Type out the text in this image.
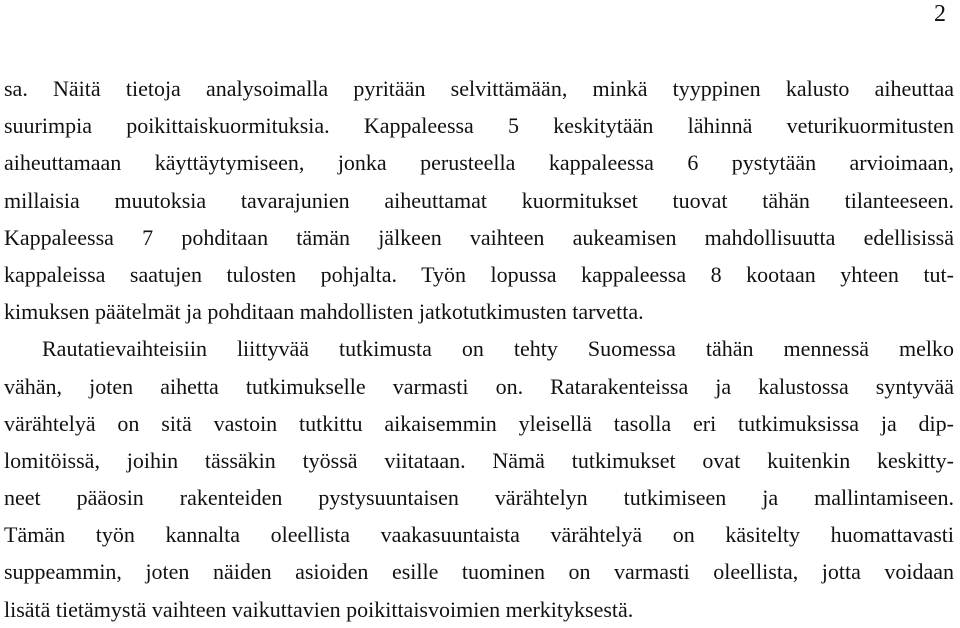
2
sa. Näitä tietoja analysoimalla pyritään selvittämään, minkä tyyppinen kalusto aiheuttaa
suurimpia poikittaiskuormituksia. Kappaleessa 5 keskitytään lähinnä veturikuormitusten
aiheuttamaan käyttäytymiseen, jonka perusteella kappaleessa 6 pystytään arvioimaan,
millaisia muutoksia tavarajunien aiheuttamat kuormitukset tuovat tähän tilanteeseen.
Kappaleessa 7 pohditaan tämän jälkeen vaihteen aukeamisen mahdollisuutta edellisissä
kappaleissa saatujen tulosten pohjalta. Työn lopussa kappaleessa 8 kootaan yhteen tut-
kimuksen päätelmät ja pohditaan mahdollisten jatkotutkimusten tarvetta.
Rautatievaihteisiin liittyvää tutkimusta on tehty Suomessa tähän mennessä melko
vähän, joten aihetta tutkimukselle varmasti on. Ratarakenteissa ja kalustossa syntyvää
värähtelyä on sitä vastoin tutkittu aikaisemmin yleisellä tasolla eri tutkimuksissa ja dip-
lomitöissä, joihin tässäkin työssä viitataan. Nämä tutkimukset ovat kuitenkin keskitty-
neet pääosin rakenteiden pystysuuntaisen värähtelyn tutkimiseen ja mallintamiseen.
Tämän työn kannalta oleellista vaakasuuntaista värähtelyä on käsitelty huomattavasti
suppeammin, joten näiden asioiden esille tuominen on varmasti oleellista, jotta voidaan
lisätä tietämystä vaihteen vaikuttavien poikittaisvoimien merkityksestä.
